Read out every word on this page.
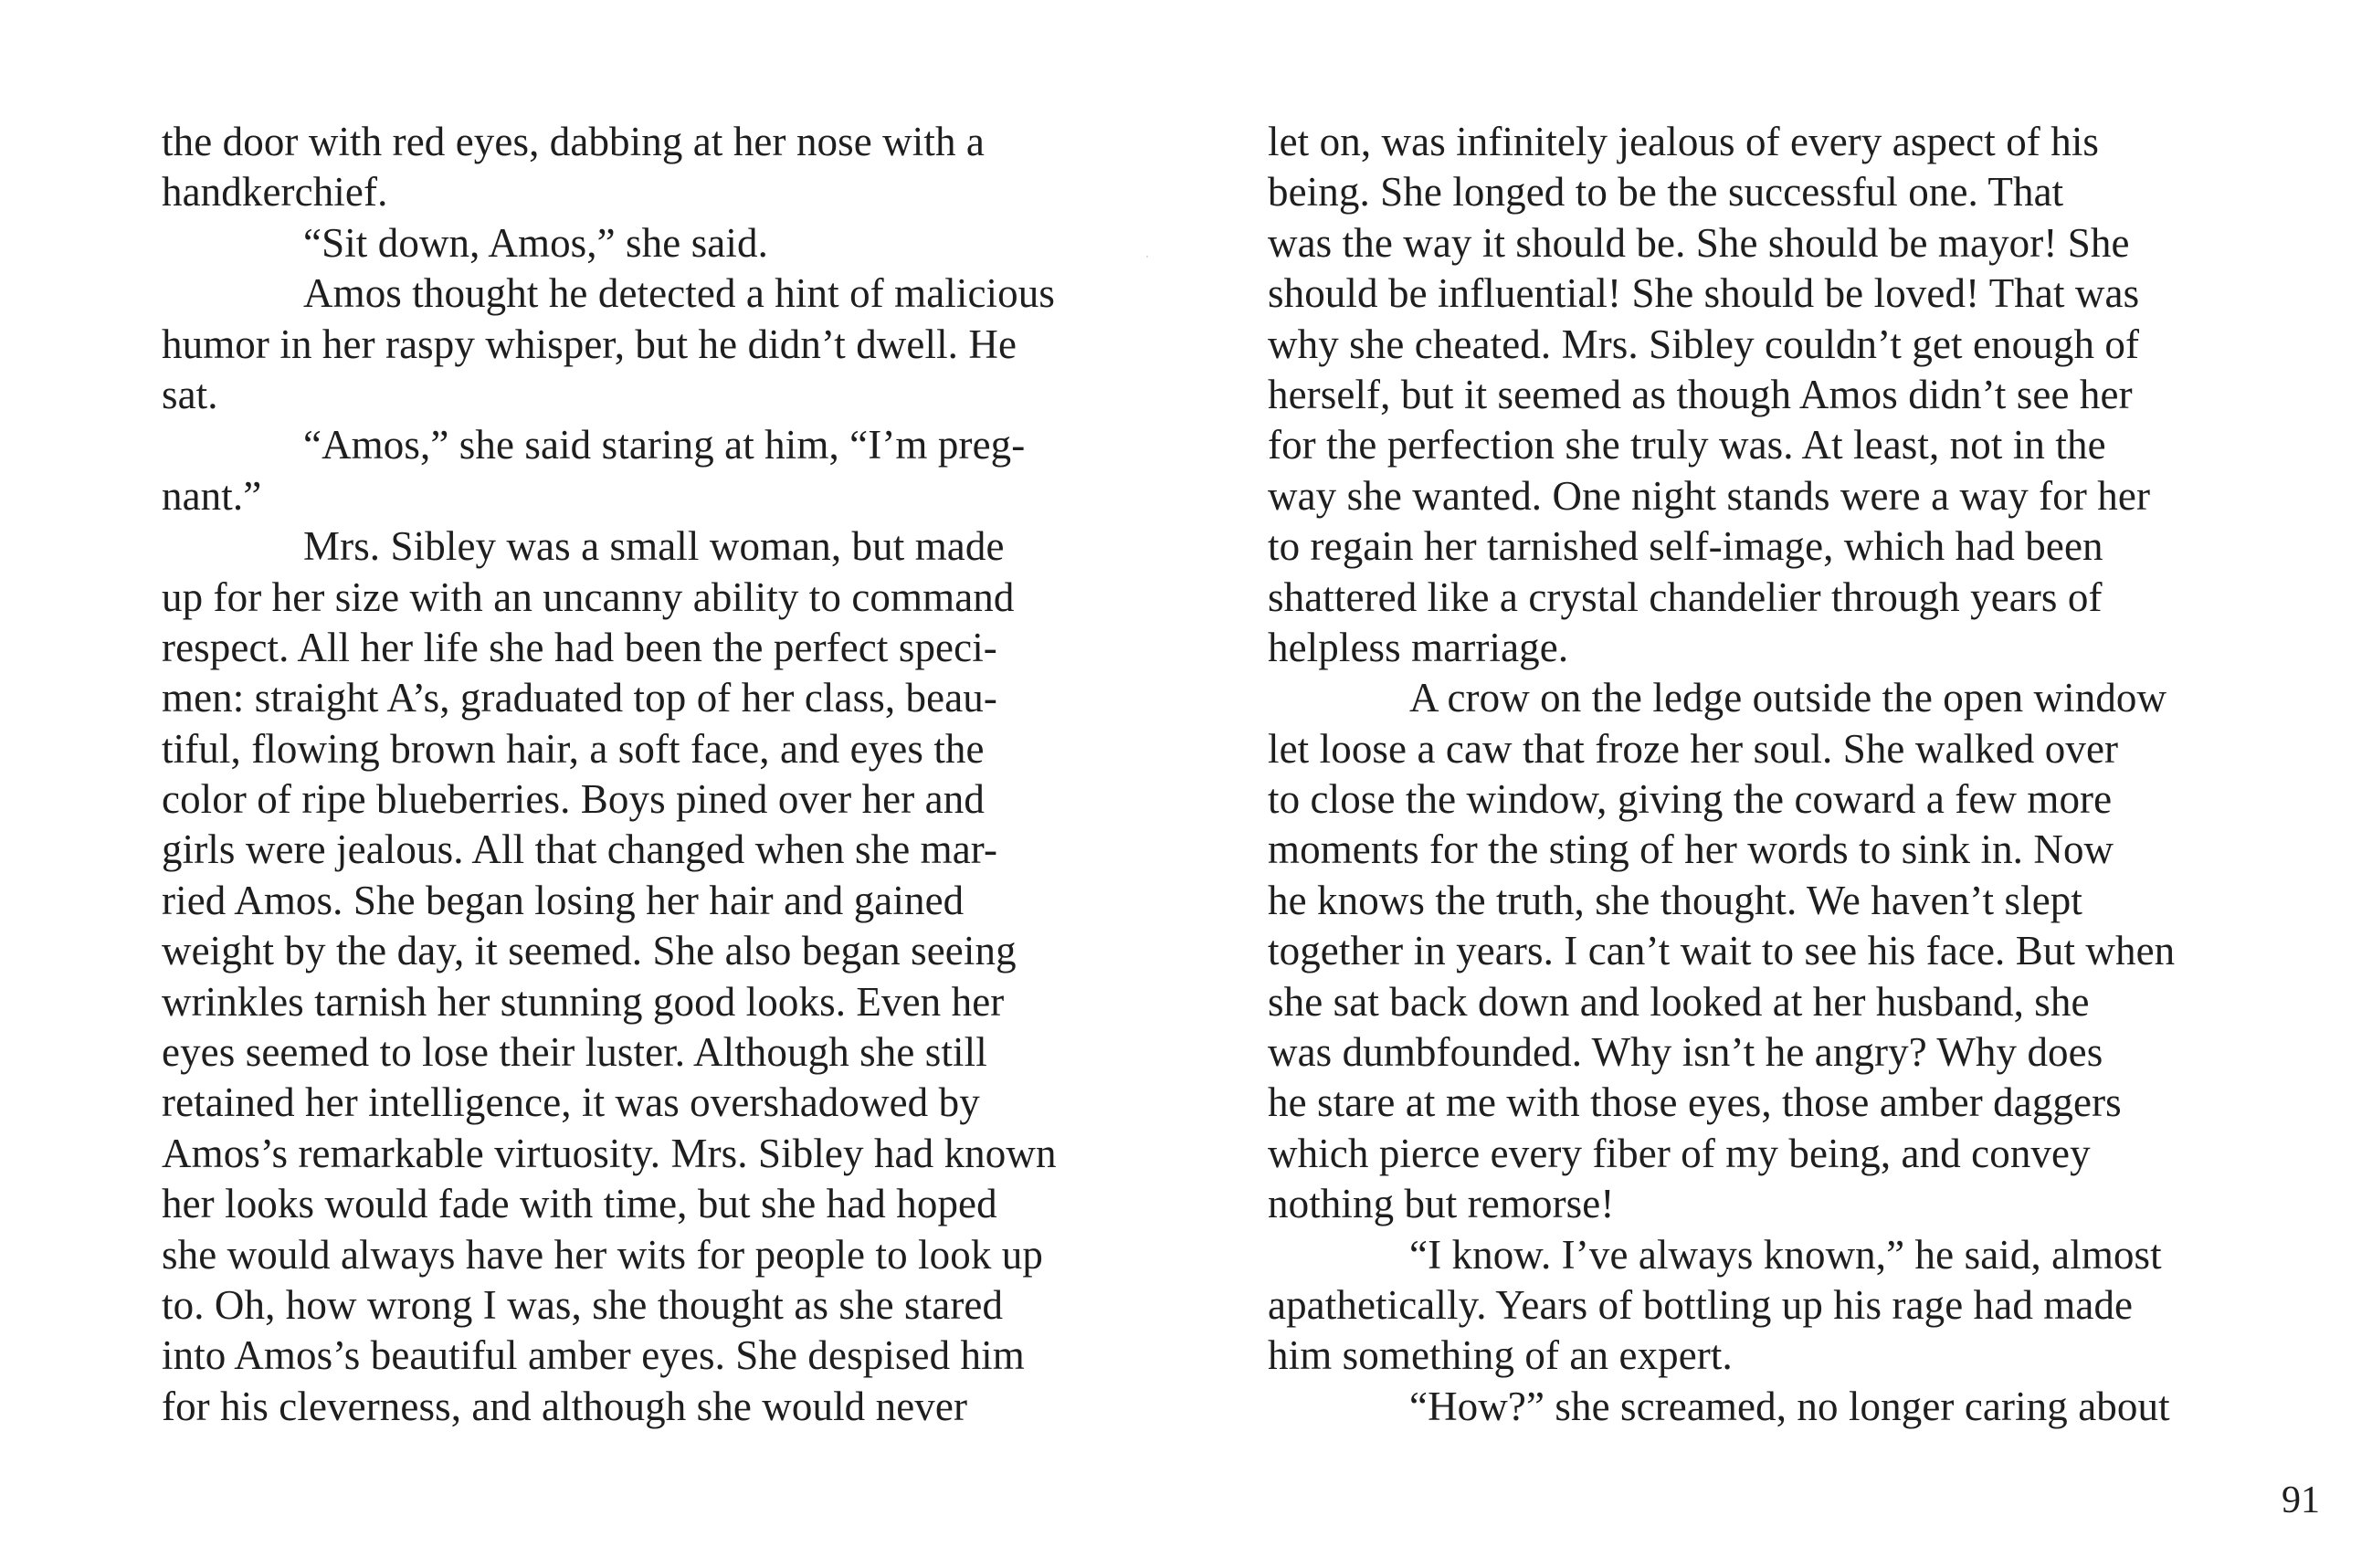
the door with red eyes, dabbing at her nose with a
handkerchief.
“Sit down, Amos,” she said.
Amos thought he detected a hint of malicious
humor in her raspy whisper, but he didn’t dwell. He
sat.
“Amos,” she said staring at him, “I’m preg-
nant.”
Mrs. Sibley was a small woman, but made
up for her size with an uncanny ability to command
respect. All her life she had been the perfect speci-
men: straight A’s, graduated top of her class, beau-
tiful, flowing brown hair, a soft face, and eyes the
color of ripe blueberries. Boys pined over her and
girls were jealous. All that changed when she mar-
ried Amos. She began losing her hair and gained
weight by the day, it seemed. She also began seeing
wrinkles tarnish her stunning good looks. Even her
eyes seemed to lose their luster. Although she still
retained her intelligence, it was overshadowed by
Amos’s remarkable virtuosity. Mrs. Sibley had known
her looks would fade with time, but she had hoped
she would always have her wits for people to look up
to. Oh, how wrong I was, she thought as she stared
into Amos’s beautiful amber eyes. She despised him
for his cleverness, and although she would never
let on, was infinitely jealous of every aspect of his
being. She longed to be the successful one. That
was the way it should be. She should be mayor! She
should be influential! She should be loved! That was
why she cheated. Mrs. Sibley couldn’t get enough of
herself, but it seemed as though Amos didn’t see her
for the perfection she truly was. At least, not in the
way she wanted. One night stands were a way for her
to regain her tarnished self-image, which had been
shattered like a crystal chandelier through years of
helpless marriage.
A crow on the ledge outside the open window
let loose a caw that froze her soul. She walked over
to close the window, giving the coward a few more
moments for the sting of her words to sink in. Now
he knows the truth, she thought. We haven’t slept
together in years. I can’t wait to see his face. But when
she sat back down and looked at her husband, she
was dumbfounded. Why isn’t he angry? Why does
he stare at me with those eyes, those amber daggers
which pierce every fiber of my being, and convey
nothing but remorse!
“I know. I’ve always known,” he said, almost
apathetically. Years of bottling up his rage had made
him something of an expert.
“How?” she screamed, no longer caring about
91
